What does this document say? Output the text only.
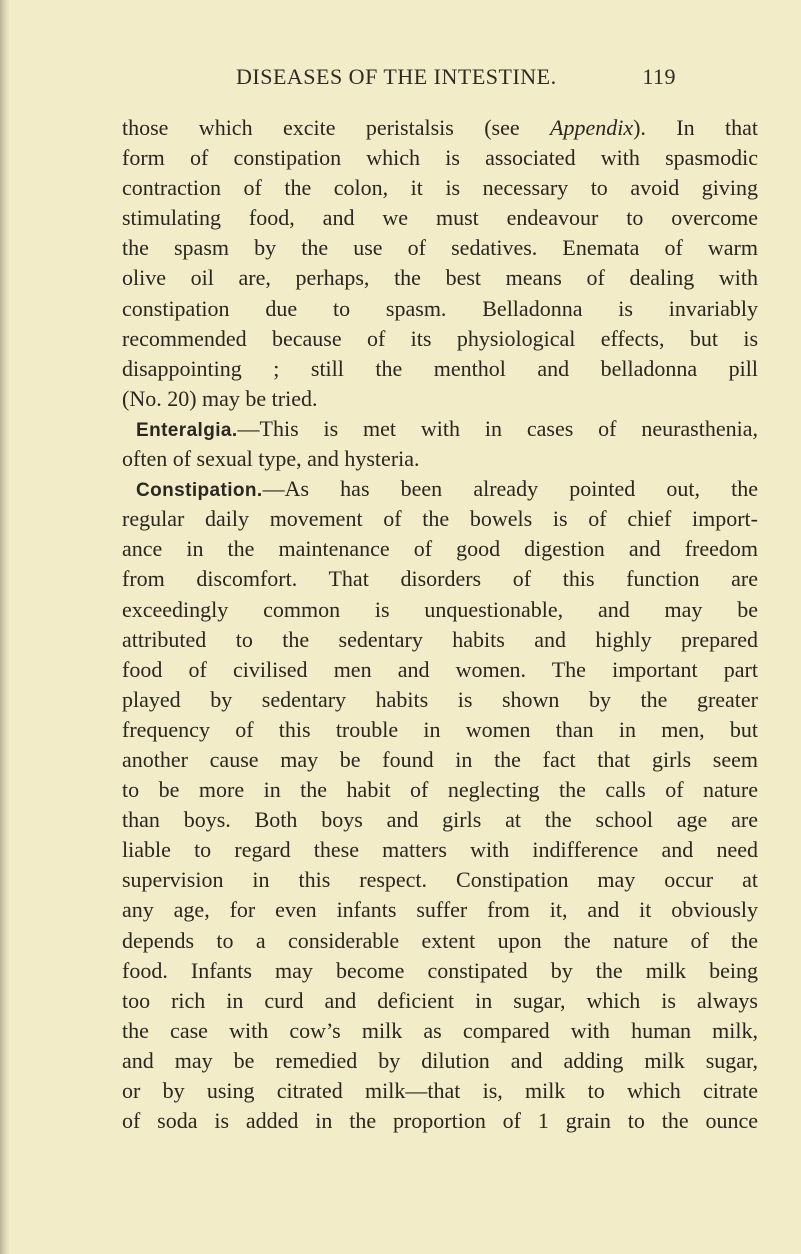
DISEASES OF THE INTESTINE.	119
those which excite peristalsis (see Appendix). In that
form of constipation which is associated with spasmodic
contraction of the colon, it is necessary to avoid giving
stimulating food, and we must endeavour to overcome
the spasm by the use of sedatives. Enemata of warm
olive oil are, perhaps, the best means of dealing with
constipation due to spasm. Belladonna is invariably
recommended because of its physiological effects, but is
disappointing ; still the menthol and belladonna pill
(No. 20) may be tried.
Enteralgia.—This is met with in cases of neurasthenia,
often of sexual type, and hysteria.
Constipation.—As has been already pointed out, the
regular daily movement of the bowels is of chief import-
ance in the maintenance of good digestion and freedom
from discomfort. That disorders of this function are
exceedingly common is unquestionable, and may be
attributed to the sedentary habits and highly prepared
food of civilised men and women. The important part
played by sedentary habits is shown by the greater
frequency of this trouble in women than in men, but
another cause may be found in the fact that girls seem
to be more in the habit of neglecting the calls of nature
than boys. Both boys and girls at the school age are
liable to regard these matters with indifference and need
supervision in this respect. Constipation may occur at
any age, for even infants suffer from it, and it obviously
depends to a considerable extent upon the nature of the
food. Infants may become constipated by the milk being
too rich in curd and deficient in sugar, which is always
the case with cow’s milk as compared with human milk,
and may be remedied by dilution and adding milk sugar,
or by using citrated milk—that is, milk to which citrate
of soda is added in the proportion of 1 grain to the ounce
